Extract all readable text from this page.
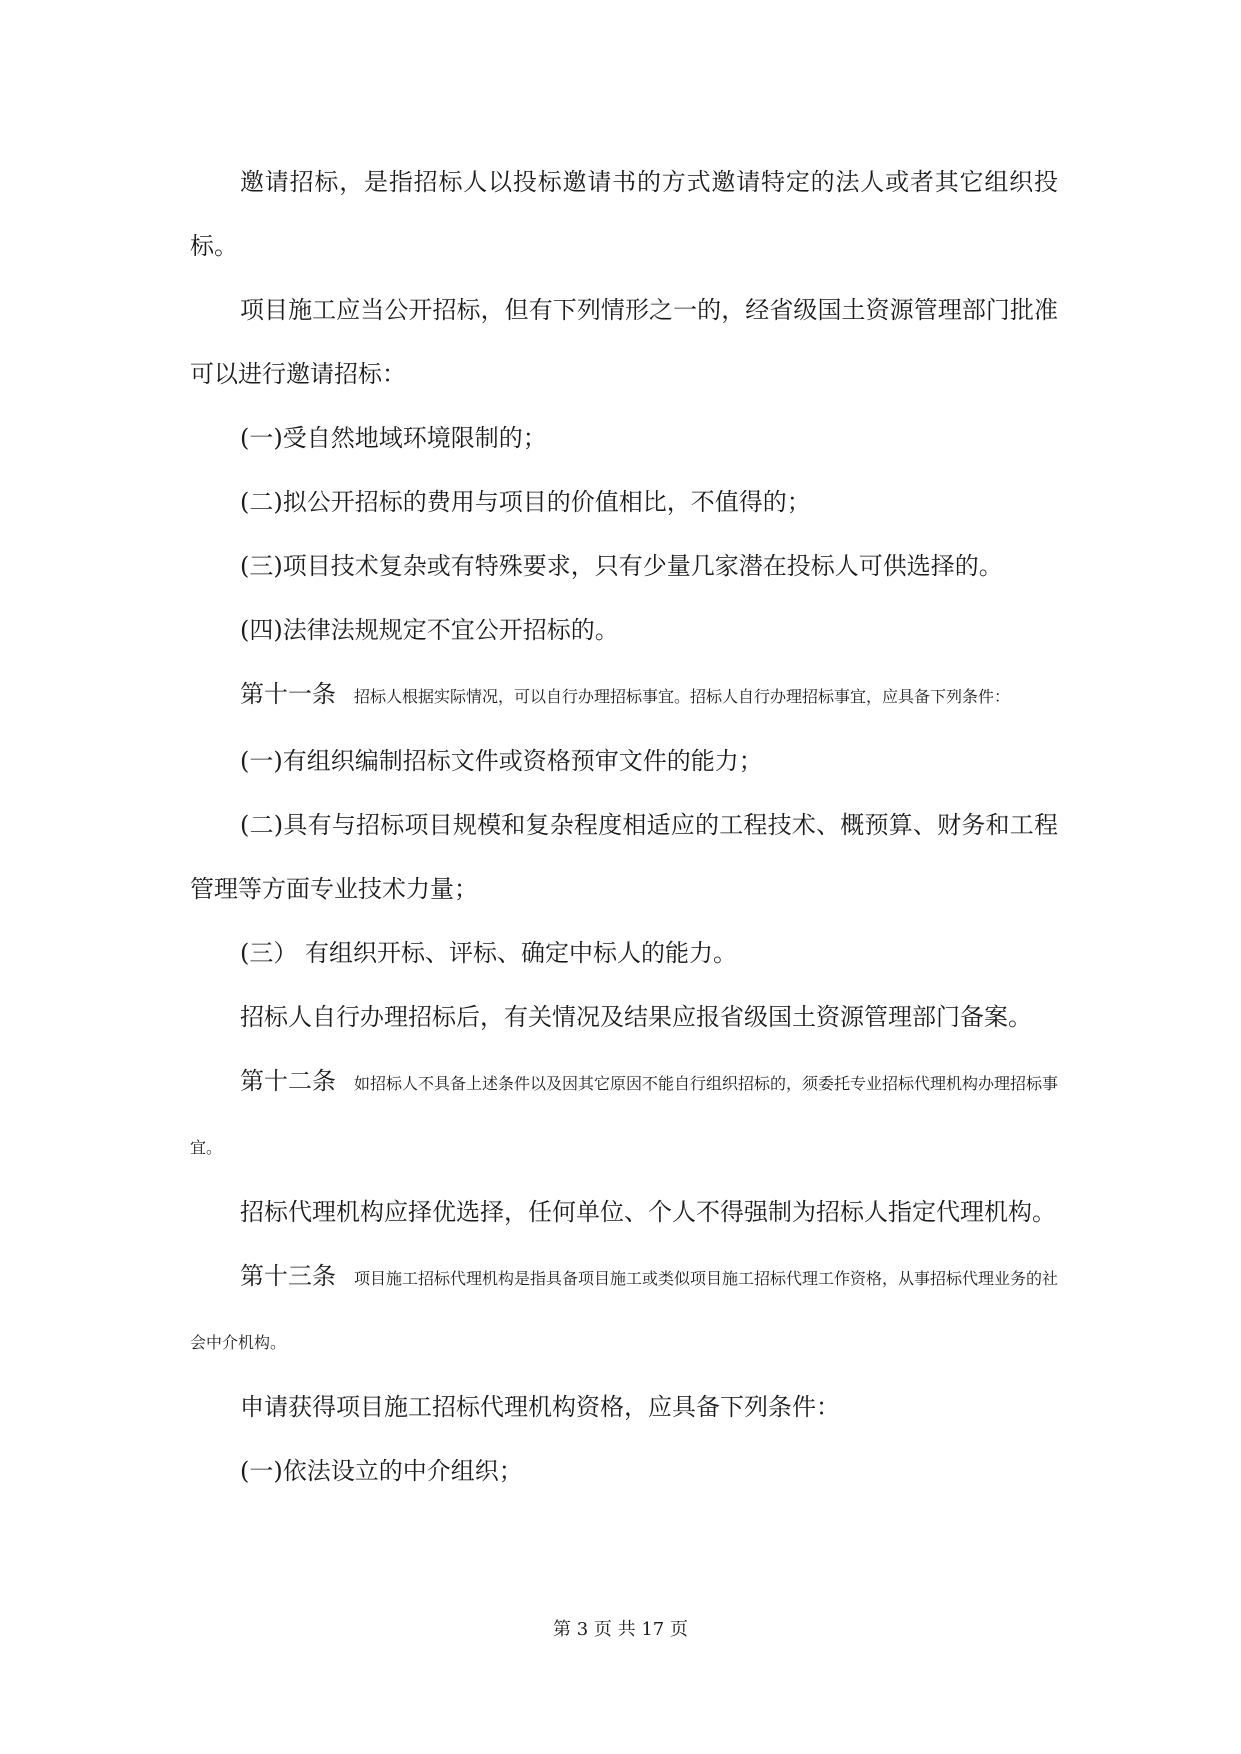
邀请招标，是指招标人以投标邀请书的方式邀请特定的法人或者其它组织投标。

项目施工应当公开招标，但有下列情形之一的，经省级国土资源管理部门批准可以进行邀请招标：

(一)受自然地域环境限制的；

(二)拟公开招标的费用与项目的价值相比，不值得的；

(三)项目技术复杂或有特殊要求，只有少量几家潜在投标人可供选择的。

(四)法律法规规定不宜公开招标的。

第十一条 招标人根据实际情况，可以自行办理招标事宜。招标人自行办理招标事宜，应具备下列条件：

(一)有组织编制招标文件或资格预审文件的能力；

(二)具有与招标项目规模和复杂程度相适应的工程技术、概预算、财务和工程管理等方面专业技术力量；

(三） 有组织开标、评标、确定中标人的能力。

招标人自行办理招标后，有关情况及结果应报省级国土资源管理部门备案。

第十二条 如招标人不具备上述条件以及因其它原因不能自行组织招标的，须委托专业招标代理机构办理招标事宜。

招标代理机构应择优选择，任何单位、个人不得强制为招标人指定代理机构。

第十三条 项目施工招标代理机构是指具备项目施工或类似项目施工招标代理工作资格，从事招标代理业务的社会中介机构。

申请获得项目施工招标代理机构资格，应具备下列条件：

(一)依法设立的中介组织；

第 3 页 共 17 页
